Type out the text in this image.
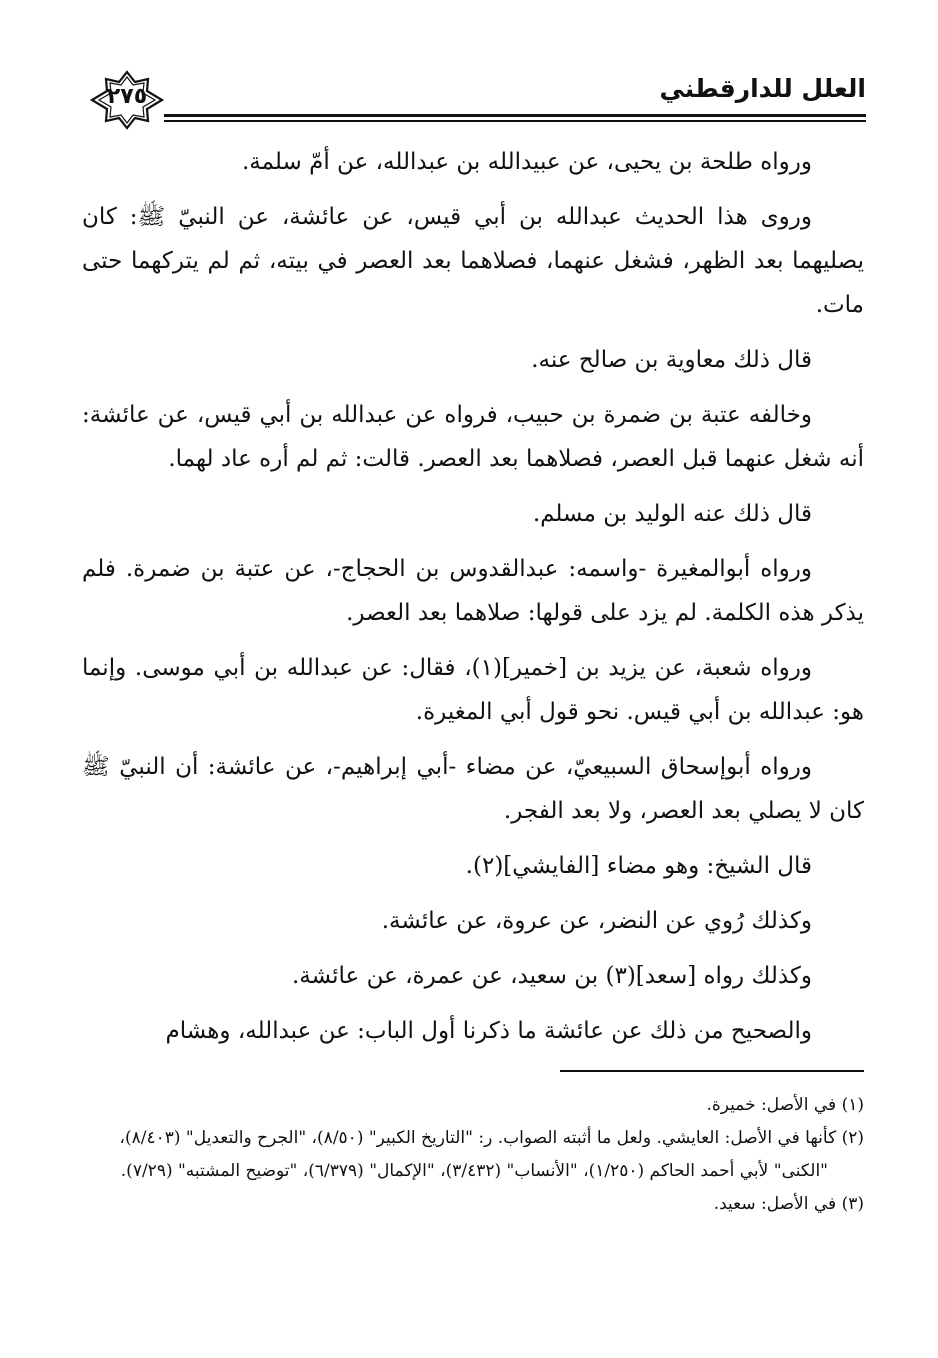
العلل للدارقطني
٢٧٥

ورواه طلحة بن يحيى، عن عبيدالله بن عبدالله، عن أمّ سلمة.

وروى هذا الحديث عبدالله بن أبي قيس، عن عائشة، عن النبيّ ﷺ: كان يصليهما بعد الظهر، فشغل عنهما، فصلاهما بعد العصر في بيته، ثم لم يتركهما حتى مات.

قال ذلك معاوية بن صالح عنه.

وخالفه عتبة بن ضمرة بن حبيب، فرواه عن عبدالله بن أبي قيس، عن عائشة: أنه شغل عنهما قبل العصر، فصلاهما بعد العصر. قالت: ثم لم أره عاد لهما.

قال ذلك عنه الوليد بن مسلم.

ورواه أبوالمغيرة -واسمه: عبدالقدوس بن الحجاج-، عن عتبة بن ضمرة. فلم يذكر هذه الكلمة. لم يزد على قولها: صلاهما بعد العصر.

ورواه شعبة، عن يزيد بن [خمير](١)، فقال: عن عبدالله بن أبي موسى. وإنما هو: عبدالله بن أبي قيس. نحو قول أبي المغيرة.

ورواه أبوإسحاق السبيعيّ، عن مضاء -أبي إبراهيم-، عن عائشة: أن النبيّ ﷺ كان لا يصلي بعد العصر، ولا بعد الفجر.

قال الشيخ: وهو مضاء [الفايشي](٢).

وكذلك رُوي عن النضر، عن عروة، عن عائشة.

وكذلك رواه [سعد](٣) بن سعيد، عن عمرة، عن عائشة.

والصحيح من ذلك عن عائشة ما ذكرنا أول الباب: عن عبدالله، وهشام

(١) في الأصل: خميرة.

(٢) كأنها في الأصل: العايشي. ولعل ما أثبته الصواب. ر: "التاريخ الكبير" (٨/٥٠)، "الجرح والتعديل" (٨/٤٠٣)،

"الكنى" لأبي أحمد الحاكم (١/٢٥٠)، "الأنساب" (٣/٤٣٢)، "الإكمال" (٦/٣٧٩)، "توضيح المشتبه" (٧/٢٩).

(٣) في الأصل: سعيد.
